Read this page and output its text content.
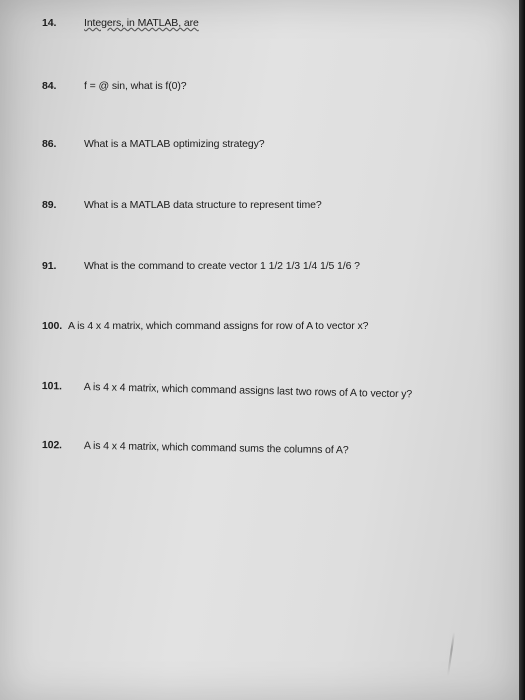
14.	Integers, in MATLAB, are
84.	f = @ sin, what is f(0)?
86.	What is a MATLAB optimizing strategy?
89.	What is a MATLAB data structure to represent time?
91.	What is the command to create vector 1 1/2 1/3 1/4 1/5 1/6 ?
100. A is 4 x 4 matrix, which command assigns for row of A to vector x?
101. A is 4 x 4 matrix, which command assigns last two rows of A to vector y?
102. A is 4 x 4 matrix, which command sums the columns of A?
